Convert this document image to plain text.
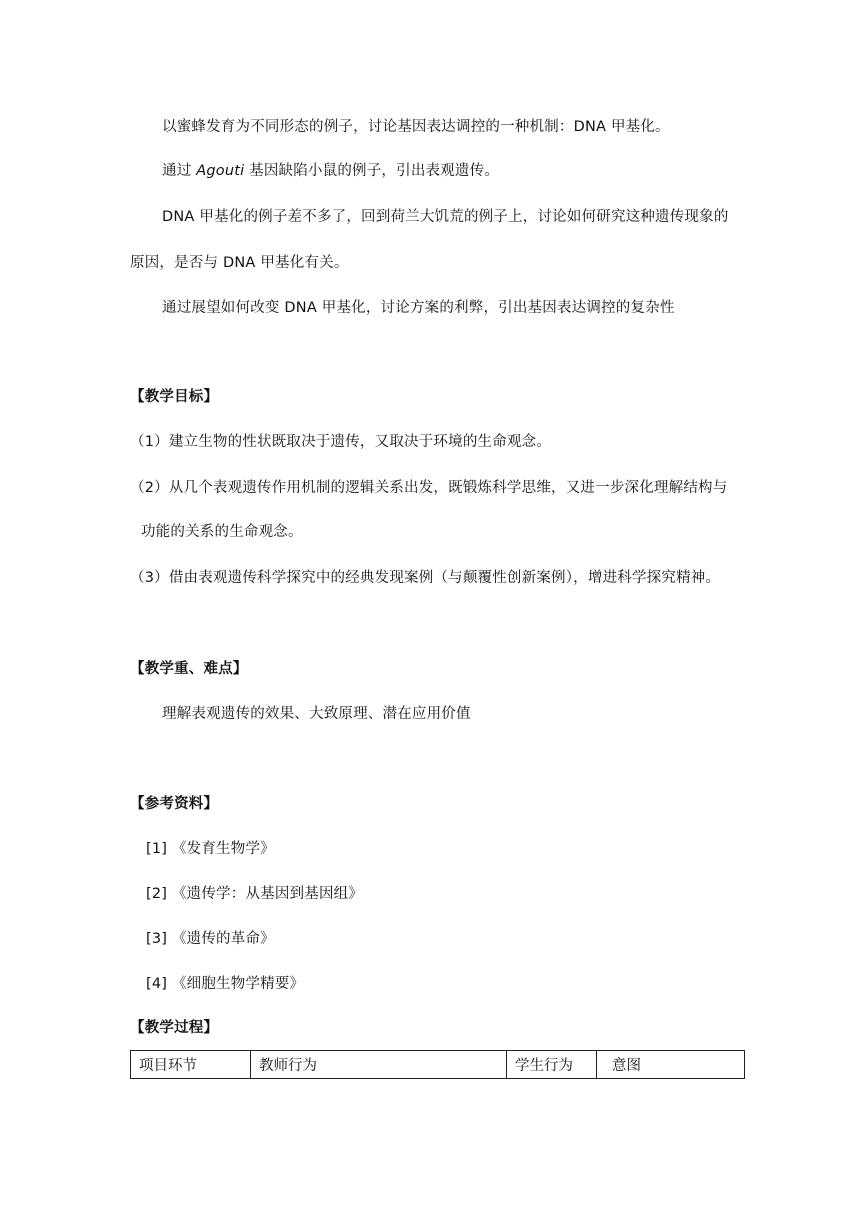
以蜜蜂发育为不同形态的例子，讨论基因表达调控的一种机制：DNA 甲基化。
通过 Agouti 基因缺陷小鼠的例子，引出表观遗传。
DNA 甲基化的例子差不多了，回到荷兰大饥荒的例子上，讨论如何研究这种遗传现象的
原因，是否与 DNA 甲基化有关。
通过展望如何改变 DNA 甲基化，讨论方案的利弊，引出基因表达调控的复杂性
【教学目标】
（1）建立生物的性状既取决于遗传，又取决于环境的生命观念。
（2）从几个表观遗传作用机制的逻辑关系出发，既锻炼科学思维，又进一步深化理解结构与
功能的关系的生命观念。
（3）借由表观遗传科学探究中的经典发现案例（与颠覆性创新案例），增进科学探究精神。
【教学重、难点】
理解表观遗传的效果、大致原理、潜在应用价值
【参考资料】
[1] 《发育生物学》
[2] 《遗传学：从基因到基因组》
[3] 《遗传的革命》
[4] 《细胞生物学精要》
【教学过程】
项目环节	教师行为	学生行为	意图
